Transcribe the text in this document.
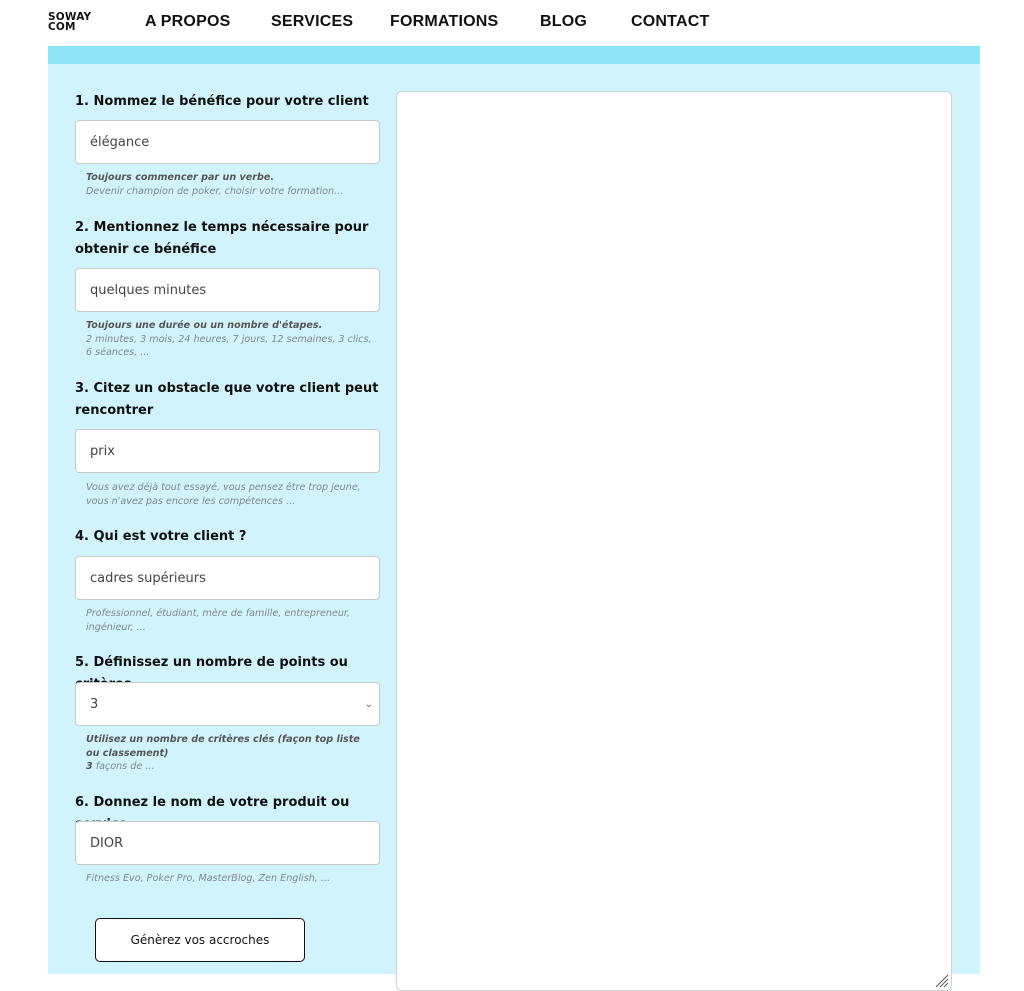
SOWAY
COM	A PROPOS	SERVICES FORMATIONS	BLOG	CONTACT
1. Nommez le bénéfice pour votre client
élégance
Toujours commencer par un verbe.
Devenir champion de poker, choisir votre formation...
2. Mentionnez le temps nécessaire pour obtenir ce bénéfice
quelques minutes
Toujours une durée ou un nombre d'étapes.
2 minutes, 3 mois, 24 heures, 7 jours, 12 semaines, 3 clics, 6 séances, ...
3. Citez un obstacle que votre client peut rencontrer
prix
Vous avez déjà tout essayé, vous pensez être trop jeune, vous n'avez pas encore les compétences ...
4. Qui est votre client ?
cadres supérieurs
Professionnel, étudiant, mère de famille, entrepreneur, ingénieur, ...
5. Définissez un nombre de points ou
3	⌄
Utilisez un nombre de critères clés (façon top liste ou classement)
3 façons de ...
6. Donnez le nom de votre produit ou
DIOR
Fitness Evo, Poker Pro, MasterBlog, Zen English, ...
Génèrez vos accroches
